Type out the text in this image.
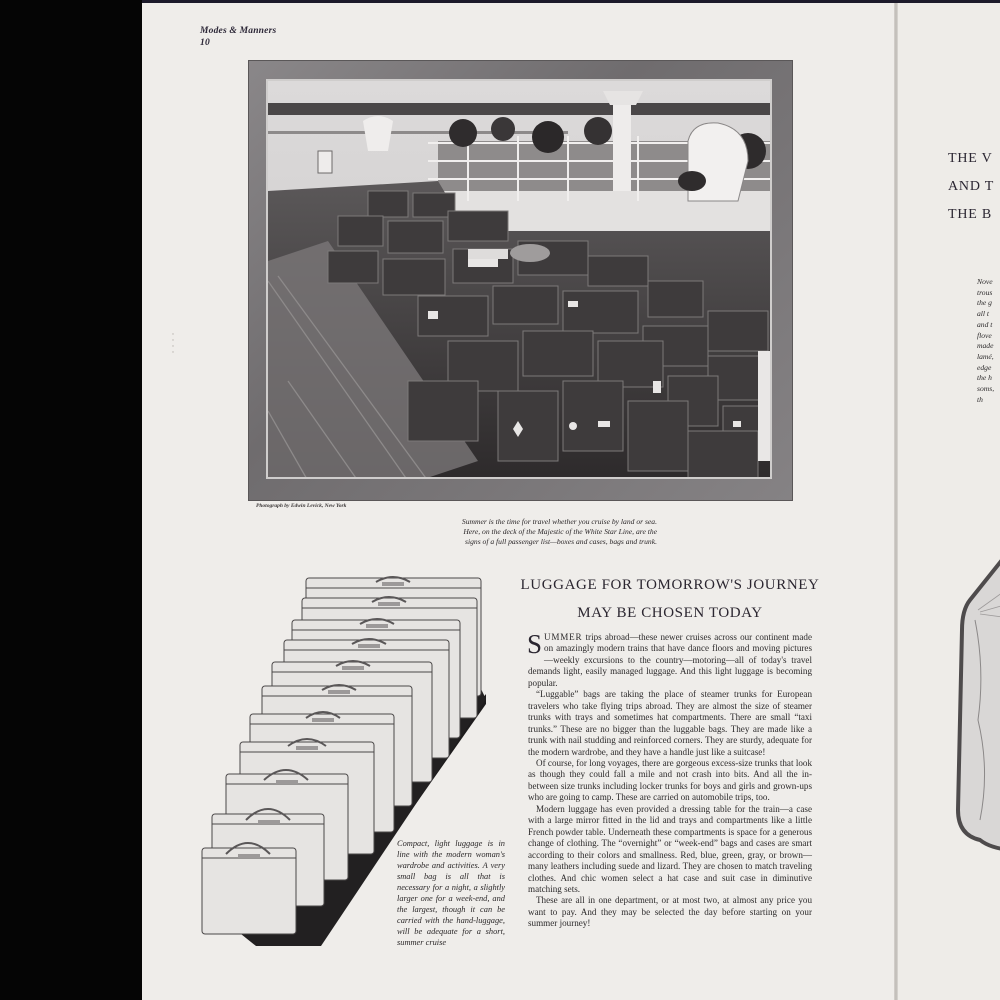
Modes & Manners
10
Photograph by Edwin Levick, New York
Summer is the time for travel whether you cruise by land or sea.
Here, on the deck of the Majestic of the White Star Line, are the
signs of a full passenger list—boxes and cases, bags and trunk.
LUGGAGE FOR TOMORROW'S JOURNEY
MAY BE CHOSEN TODAY

SUMMER trips abroad—these newer cruises across our continent made on amazingly modern trains that have dance floors and moving pictures—weekly excursions to the country—motoring—all of today's travel demands light, easily managed luggage. And this light luggage is becoming popular.

“Luggable” bags are taking the place of steamer trunks for European travelers who take flying trips abroad. They are almost the size of steamer trunks with trays and sometimes hat compartments. There are small “taxi trunks.” These are no bigger than the luggable bags. They are made like a trunk with nail studding and reinforced corners. They are sturdy, adequate for the modern wardrobe, and they have a handle just like a suitcase!

Of course, for long voyages, there are gorgeous excess-size trunks that look as though they could fall a mile and not crash into bits. And all the in-between size trunks including locker trunks for boys and girls and grown-ups who are going to camp. These are carried on automobile trips, too.

Modern luggage has even provided a dressing table for the train—a case with a large mirror fitted in the lid and trays and compartments like a little French powder table. Underneath these compartments is space for a generous change of clothing. The “overnight” or “week-end” bags and cases are smart according to their colors and smallness. Red, blue, green, gray, or brown—many leathers including suede and lizard. They are chosen to match traveling clothes. And chic women select a hat case and suit case in diminutive matching sets.

These are all in one department, or at most two, at almost any price you want to pay. And they may be selected the day before starting on your summer journey!

Compact, light luggage is in line with the modern woman's wardrobe and activities. A very small bag is all that is necessary for a night, a slightly larger one for a week-end, and the largest, though it can be carried with the hand-luggage, will be adequate for a short, summer cruise
THE V
AND T
THE B
Nove
trous
the g
all t
and t
flove
made
lamé,
edge
the h
soms,
th
